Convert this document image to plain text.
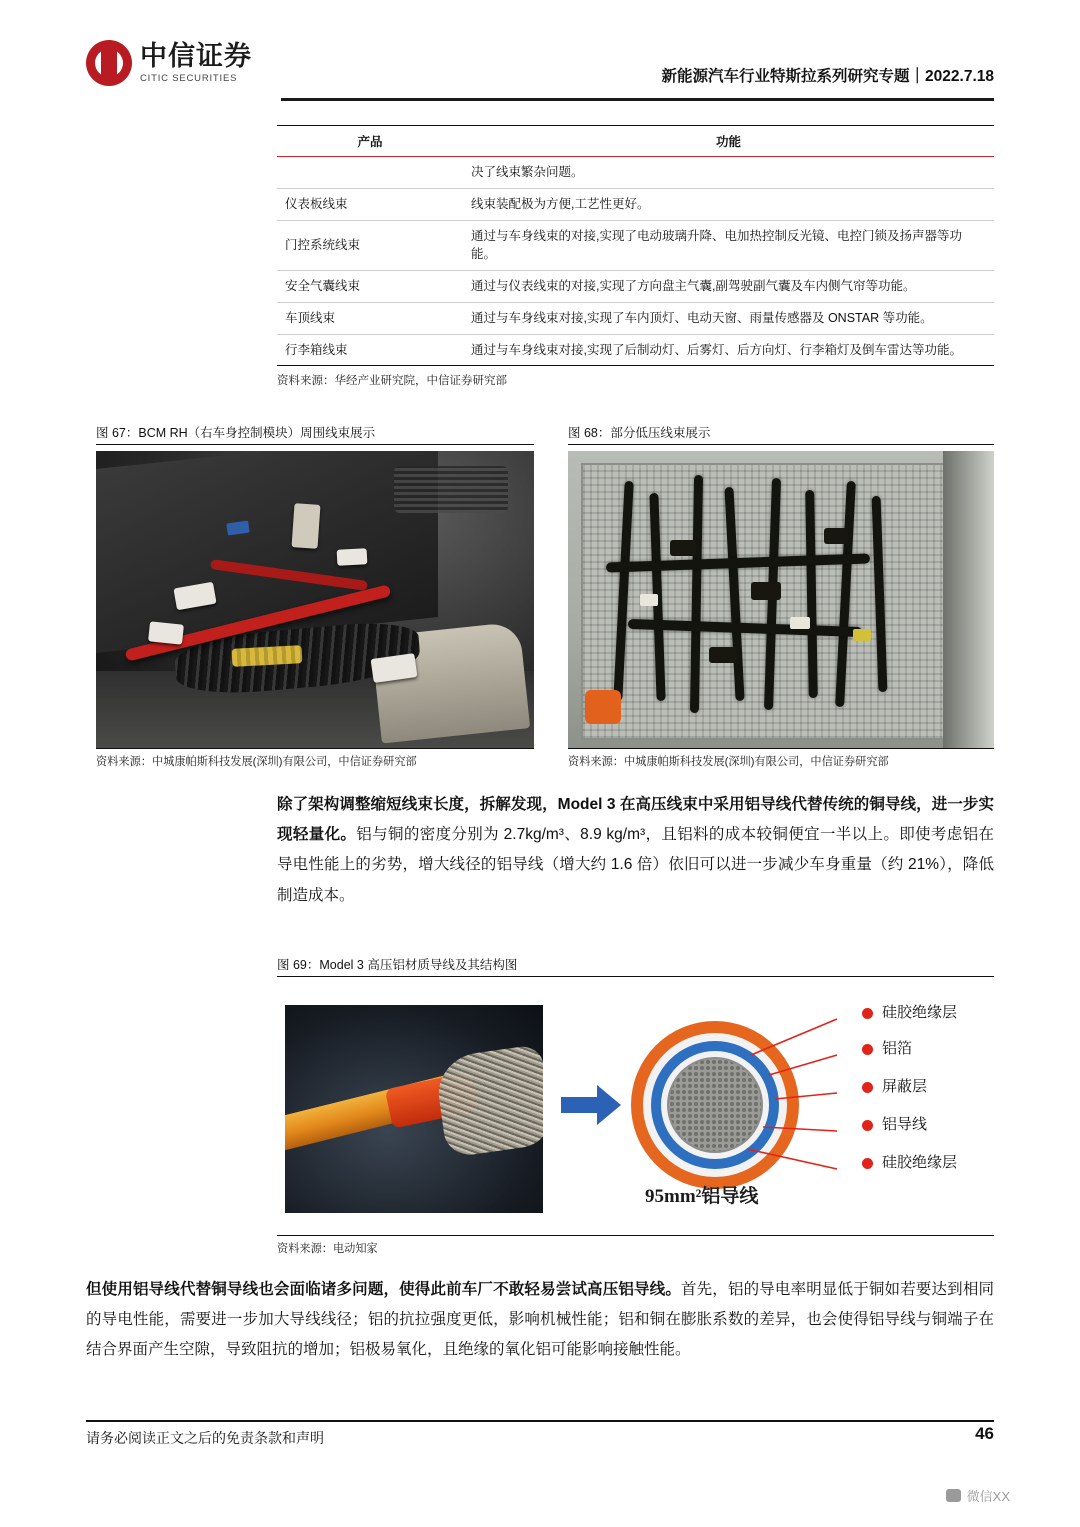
中信证券
CITIC SECURITIES	新能源汽车行业特斯拉系列研究专题｜2022.7.18
产品	功能
	决了线束繁杂问题。
仪表板线束	线束装配极为方便,工艺性更好。
门控系统线束	通过与车身线束的对接,实现了电动玻璃升降、电加热控制反光镜、电控门锁及扬声器等功能。
安全气囊线束	通过与仪表线束的对接,实现了方向盘主气囊,副驾驶副气囊及车内侧气帘等功能。
车顶线束	通过与车身线束对接,实现了车内顶灯、电动天窗、雨量传感器及 ONSTAR 等功能。
行李箱线束	通过与车身线束对接,实现了后制动灯、后雾灯、后方向灯、行李箱灯及倒车雷达等功能。
资料来源：华经产业研究院，中信证券研究部
图 67：BCM RH（右车身控制模块）周围线束展示
资料来源：中城康帕斯科技发展(深圳)有限公司，中信证券研究部
图 68：部分低压线束展示
资料来源：中城康帕斯科技发展(深圳)有限公司，中信证券研究部
除了架构调整缩短线束长度，拆解发现，Model 3 在高压线束中采用铝导线代替传统的铜导线，进一步实现轻量化。铝与铜的密度分别为 2.7kg/m³、8.9 kg/m³，且铝料的成本较铜便宜一半以上。即使考虑铝在导电性能上的劣势，增大线径的铝导线（增大约 1.6 倍）依旧可以进一步减少车身重量（约 21%），降低制造成本。
图 69：Model 3 高压铝材质导线及其结构图
硅胶绝缘层
铝箔
屏蔽层
铝导线
硅胶绝缘层
95mm²铝导线
资料来源：电动知家
但使用铝导线代替铜导线也会面临诸多问题，使得此前车厂不敢轻易尝试高压铝导线。首先，铝的导电率明显低于铜如若要达到相同的导电性能，需要进一步加大导线线径；铝的抗拉强度更低，影响机械性能；铝和铜在膨胀系数的差异，也会使得铝导线与铜端子在结合界面产生空隙，导致阻抗的增加；铝极易氧化，且绝缘的氧化铝可能影响接触性能。
请务必阅读正文之后的免责条款和声明	46
微信XX
